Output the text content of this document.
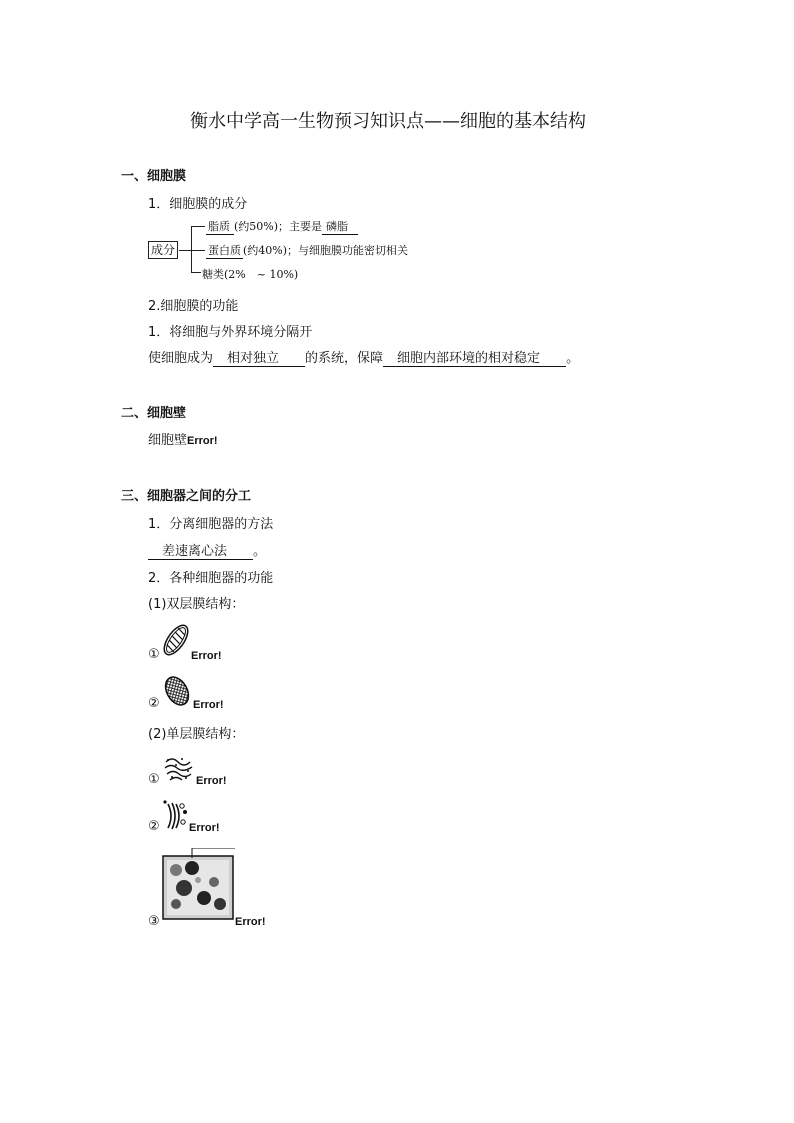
衡水中学高一生物预习知识点——细胞的基本结构
一、细胞膜
1．细胞膜的成分
成分
脂质 (约50%)；主要是 磷脂
蛋白质 (约40%)；与细胞膜功能密切相关
糖类(2%　~ 10%)
2.细胞膜的功能
1．将细胞与外界环境分隔开
使细胞成为 相对独立 的系统，保障 细胞内部环境的相对稳定 。
二、细胞壁
细胞壁Error!
三、细胞器之间的分工
1．分离细胞器的方法
差速离心法 。
2．各种细胞器的功能
(1)双层膜结构：
①	Error!
②	Error!
(2)单层膜结构：
①	Error!
②	Error!
③	Error!
